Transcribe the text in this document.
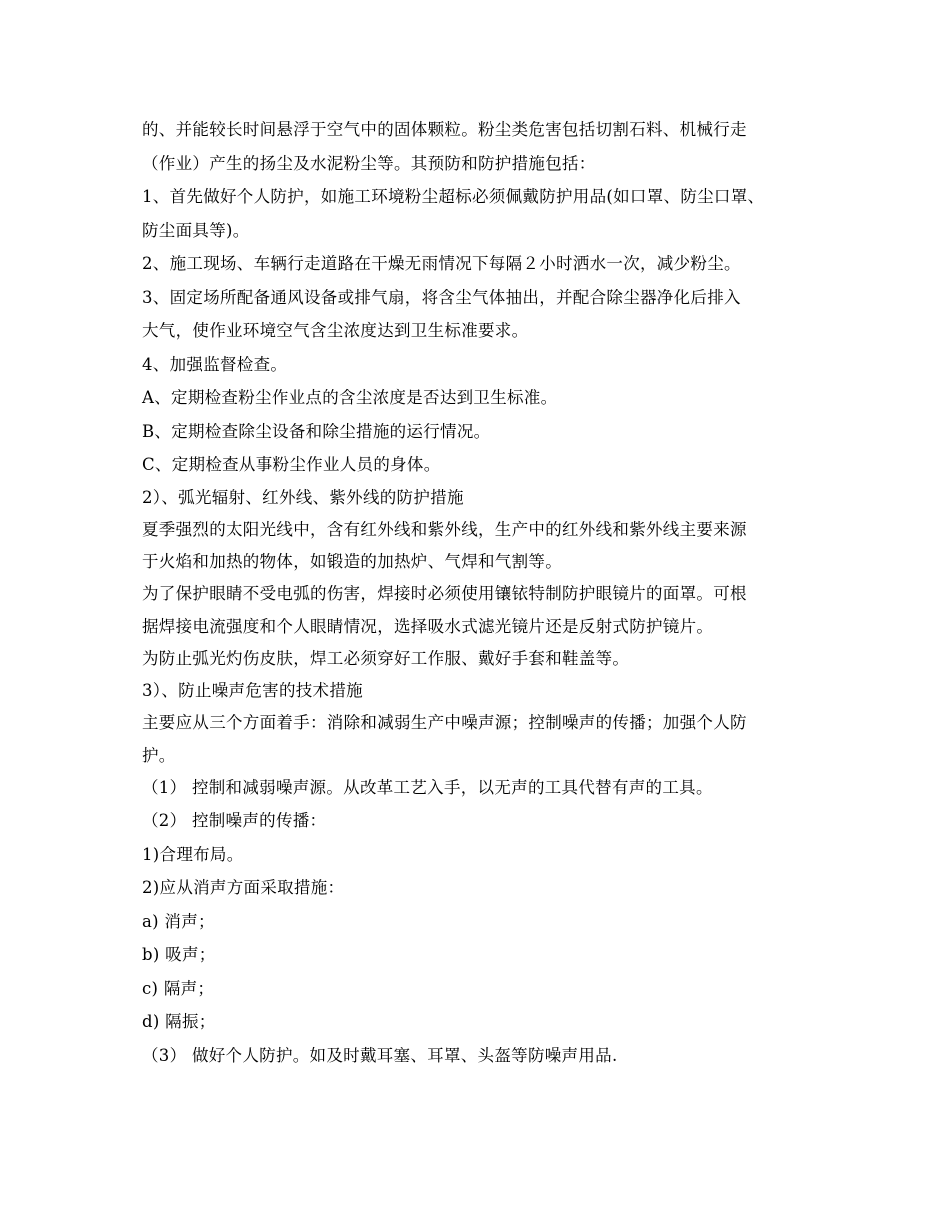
的、并能较长时间悬浮于空气中的固体颗粒。粉尘类危害包括切割石料、机械行走
（作业）产生的扬尘及水泥粉尘等。其预防和防护措施包括：
1、首先做好个人防护，如施工环境粉尘超标必须佩戴防护用品(如口罩、防尘口罩、
防尘面具等)。
2、施工现场、车辆行走道路在干燥无雨情况下每隔２小时洒水一次，减少粉尘。
3、固定场所配备通风设备或排气扇，将含尘气体抽出，并配合除尘器净化后排入
大气，使作业环境空气含尘浓度达到卫生标准要求。
4、加强监督检查。
A、定期检查粉尘作业点的含尘浓度是否达到卫生标准。
B、定期检查除尘设备和除尘措施的运行情况。
C、定期检查从事粉尘作业人员的身体。
2）、弧光辐射、红外线、紫外线的防护措施
夏季强烈的太阳光线中，含有红外线和紫外线，生产中的红外线和紫外线主要来源
于火焰和加热的物体，如锻造的加热炉、气焊和气割等。
为了保护眼睛不受电弧的伤害，焊接时必须使用镶铱特制防护眼镜片的面罩。可根
据焊接电流强度和个人眼睛情况，选择吸水式滤光镜片还是反射式防护镜片。
为防止弧光灼伤皮肤，焊工必须穿好工作服、戴好手套和鞋盖等。
3）、防止噪声危害的技术措施
主要应从三个方面着手：消除和减弱生产中噪声源；控制噪声的传播；加强个人防
护。
（1） 控制和减弱噪声源。从改革工艺入手，以无声的工具代替有声的工具。
（2） 控制噪声的传播：
1)合理布局。
2)应从消声方面采取措施：
a) 消声；
b) 吸声；
c) 隔声；
d) 隔振；
（3） 做好个人防护。如及时戴耳塞、耳罩、头盔等防噪声用品.
